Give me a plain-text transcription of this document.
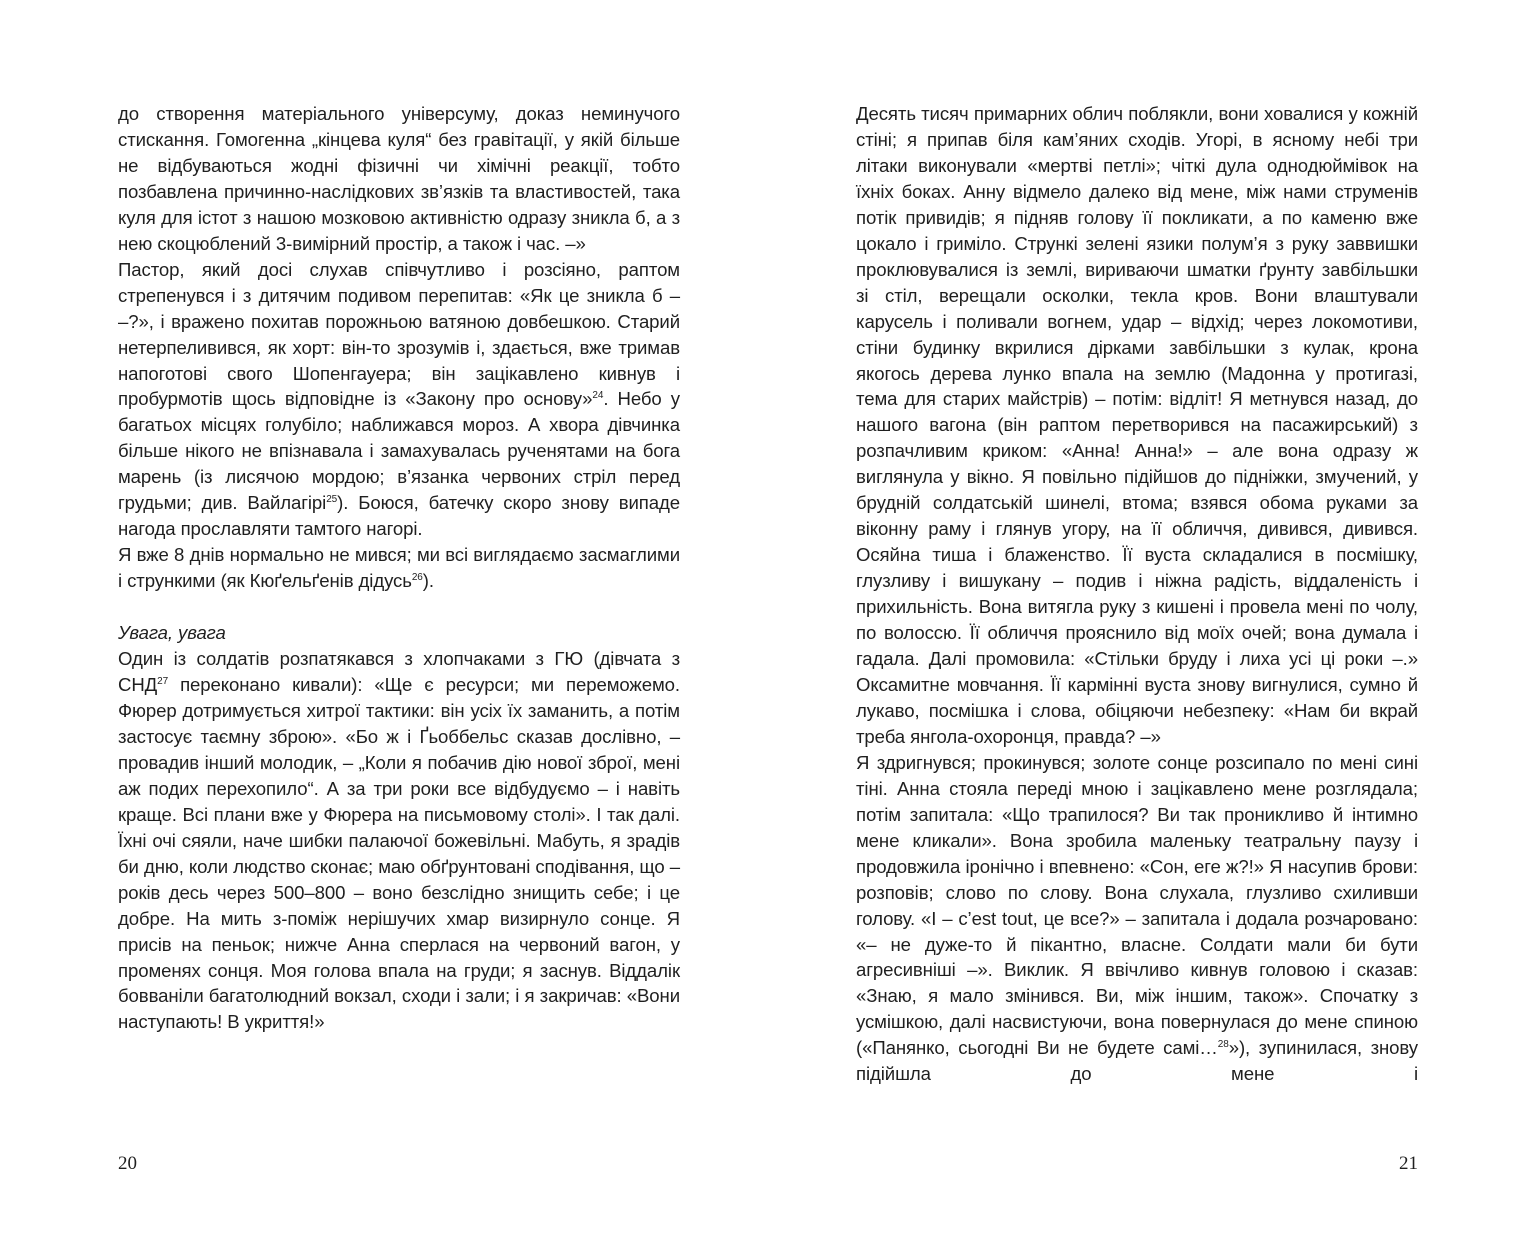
до створення матеріального універсуму, доказ неминучого стискання. Гомогенна „кінцева куля“ без гравітації, у якій більше не відбуваються жодні фізичні чи хімічні реакції, тобто позбавлена причинно-наслідкових зв’язків та властивостей, така куля для істот з нашою мозковою активністю одразу зникла б, а з нею скоцюблений 3-вимірний простір, а також і час. –»

Пастор, який досі слухав співчутливо і розсіяно, раптом стрепенувся і з дитячим подивом перепитав: «Як це зникла б – –?», і вражено похитав порожньою ватяною довбешкою. Старий нетерпеливився, як хорт: він-то зрозумів і, здається, вже тримав напоготові свого Шопенгауера; він зацікавлено кивнув і пробурмотів щось відповідне із «Закону про основу»$^{24}$. Небо у багатьох місцях голубіло; наближався мороз. А хвора дівчинка більше нікого не впізнавала і замахувалась рученятами на бога марень (із лисячою мордою; в’язанка червоних стріл перед грудьми; див. Вайлагірі$^{25}$). Боюся, батечку скоро знову випаде нагода прославляти тамтого нагорі.

Я вже 8 днів нормально не мився; ми всі виглядаємо засмаглими і стрункими (як Кюґельґенів дідусь$^{26}$).

Увага, увага

Один із солдатів розпатякався з хлопчаками з ГЮ (дівчата з СНД$^{27}$ переконано кивали): «Ще є ресурси; ми переможемо. Фюрер дотримується хитрої тактики: він усіх їх заманить, а потім застосує таємну зброю». «Бо ж і Ґьоббельс сказав дослівно, – провадив інший молодик, – „Коли я побачив дію нової зброї, мені аж подих перехопило“. А за три роки все відбудуємо – і навіть краще. Всі плани вже у Фюрера на письмовому столі». І так далі. Їхні очі сяяли, наче шибки палаючої божевільні. Мабуть, я зрадів би дню, коли людство сконає; маю обґрунтовані сподівання, що – років десь через 500–800 – воно безслідно знищить себе; і це добре. На мить з-поміж нерішучих хмар визирнуло сонце. Я присів на пеньок; нижче Анна сперлася на червоний вагон, у променях сонця. Моя голова впала на груди; я заснув. Віддалік бовваніли багатолюдний вокзал, сходи і зали; і я закричав: «Вони наступають! В укриття!»

20

Десять тисяч примарних облич поблякли, вони ховалися у кожній стіні; я припав біля кам’яних сходів. Угорі, в ясному небі три літаки виконували «мертві петлі»; чіткі дула однодюймівок на їхніх боках. Анну відмело далеко від мене, між нами струменів потік привидів; я підняв голову її покликати, а по каменю вже цокало і гриміло. Стрункі зелені язики полум’я з руку заввишки проклювувалися із землі, вириваючи шматки ґрунту завбільшки зі стіл, верещали осколки, текла кров. Вони влаштували карусель і поливали вогнем, удар – відхід; через локомотиви, стіни будинку вкрилися дірками завбільшки з кулак, крона якогось дерева лунко впала на землю (Мадонна у протигазі, тема для старих майстрів) – потім: відліт! Я метнувся назад, до нашого вагона (він раптом перетворився на пасажирський) з розпачливим криком: «Анна! Анна!» – але вона одразу ж виглянула у вікно. Я повільно підійшов до підніжки, змучений, у брудній солдатській шинелі, втома; взявся обома руками за віконну раму і глянув угору, на її обличчя, дивився, дивився. Осяйна тиша і блаженство. Її вуста складалися в посмішку, глузливу і вишукану – подив і ніжна радість, віддаленість і прихильність. Вона витягла руку з кишені і провела мені по чолу, по волоссю. Її обличчя прояснило від моїх очей; вона думала і гадала. Далі промовила: «Стільки бруду і лиха усі ці роки –.» Оксамитне мовчання. Її кармінні вуста знову вигнулися, сумно й лукаво, посмішка і слова, обіцяючи небезпеку: «Нам би вкрай треба янгола-охоронця, правда? –»

Я здригнувся; прокинувся; золоте сонце розсипало по мені сині тіні. Анна стояла переді мною і зацікавлено мене розглядала; потім запитала: «Що трапилося? Ви так проникливо й інтимно мене кликали». Вона зробила маленьку театральну паузу і продовжила іронічно і впевнено: «Сон, еге ж?!» Я насупив брови: розповів; слово по слову. Вона слухала, глузливо схиливши голову. «І – c’est tout, це все?» – запитала і додала розчаровано: «– не дуже-то й пікантно, власне. Солдати мали би бути агресивніші –». Виклик. Я ввічливо кивнув головою і сказав: «Знаю, я мало змінився. Ви, між іншим, також». Спочатку з усмішкою, далі насвистуючи, вона повернулася до мене спиною («Панянко, сьогодні Ви не будете самі…$^{28}$»), зупинилася, знову підійшла до мене і

21
